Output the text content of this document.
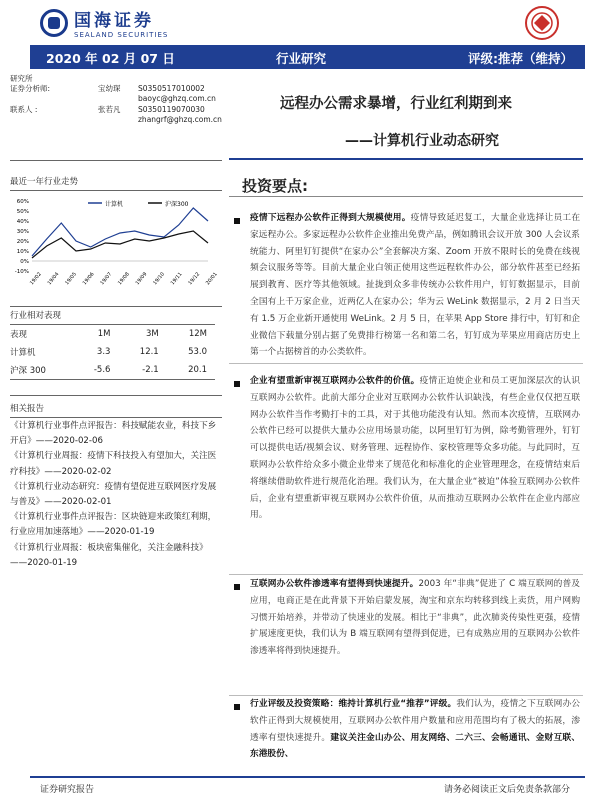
国海证券
SEALAND SECURITIES
2020 年 02 月 07 日	行业研究	评级:推荐（维持）
研究所
证券分析师:	宝幼琛	S0350517010002
baoyc@ghzq.com.cn
联系人 :	张若凡	S0350119070030
zhangrf@ghzq.com.cn
最近一年行业走势
-10%
0%
10%
20%
30%
40%
50%
60%
19/02 19/04 19/05 19/06 19/07 19/08 19/09 19/10 19/11 19/12 20/01
计算机	沪深300
行业相对表现
表现	1M	3M	12M
计算机	3.3	12.1	53.0
沪深 300	-5.6	-2.1	20.1
相关报告
《计算机行业事件点评报告：科技赋能农业，科技下乡开启》——2020-02-06
《计算机行业周报：疫情下科技投入有望加大，关注医疗科技》——2020-02-02
《计算机行业动态研究：疫情有望促进互联网医疗发展与普及》——2020-02-01
《计算机行业事件点评报告：区块链迎来政策红利期，行业应用加速落地》——2020-01-19
《计算机行业周报：板块密集催化，关注金融科技》——2020-01-19
远程办公需求暴增，行业红利期到来
——计算机行业动态研究
投资要点:
疫情下远程办公软件正得到大规模使用。疫情导致延迟复工，大量企业选择让员工在家远程办公。多家远程办公软件企业推出免费产品，例如腾讯会议开放 300 人会议系统能力、阿里钉钉提供“在家办公”全套解决方案、Zoom 开放不限时长的免费在线视频会议服务等等。目前大量企业白领正使用这些远程软件办公，部分软件甚至已经拓展到教育、医疗等其他领域。扯拢到众多非传统办公软件用户，钉钉数据显示，目前全国有上千万家企业，近两亿人在家办公；华为云 WeLink 数据显示，2 月 2 日当天有 1.5 万企业新开通使用 WeLink。2 月 5 日，在苹果 App Store 排行中，钉钉和企业微信下载量分别占据了免费排行榜第一名和第二名，钉钉成为苹果应用商店历史上第一个占据榜首的办公类软件。
企业有望重新审视互联网办公软件的价值。疫情正迫使企业和员工更加深层次的认识互联网办公软件。此前大部分企业对互联网办公软件认识缺浅，有些企业仅仅把互联网办公软件当作考勤打卡的工具，对于其他功能没有认知。然而本次疫情，互联网办公软件已经可以提供大量办公应用场景功能，以阿里钉钉为例，除考勤管理外，钉钉可以提供电话/视频会议、财务管理、远程协作、家校管理等众多功能。与此同时，互联网办公软件给众多小微企业带来了规范化和标准化的企业管理理念，在疫情结束后将继续借助软件进行规范化治理。我们认为，在大量企业“被迫”体验互联网办公软件后，企业有望重新审视互联网办公软件价值，从而推动互联网办公软件在企业内部应用。
互联网办公软件渗透率有望得到快速提升。2003 年“非典”促进了 C 端互联网的普及应用，电商正是在此背景下开始启蒙发展，淘宝和京东均转移到线上卖货，用户网购习惯开始培养，并带动了快速业的发展。相比于“非典”，此次肺炎传染性更强，疫情扩展速度更快，我们认为 B 端互联网有望得到促进，已有成熟应用的互联网办公软件渗透率将得到快速提升。
行业评级及投资策略：维持计算机行业“推荐”评级。我们认为，疫情之下互联网办公软件正得到大规模使用，互联网办公软件用户数量和应用范围均有了极大的拓展，渗透率有望快速提升。建议关注金山办公、用友网络、二六三、会畅通讯、金财互联、东港股份、
证券研究报告	请务必阅读正文后免责条款部分
